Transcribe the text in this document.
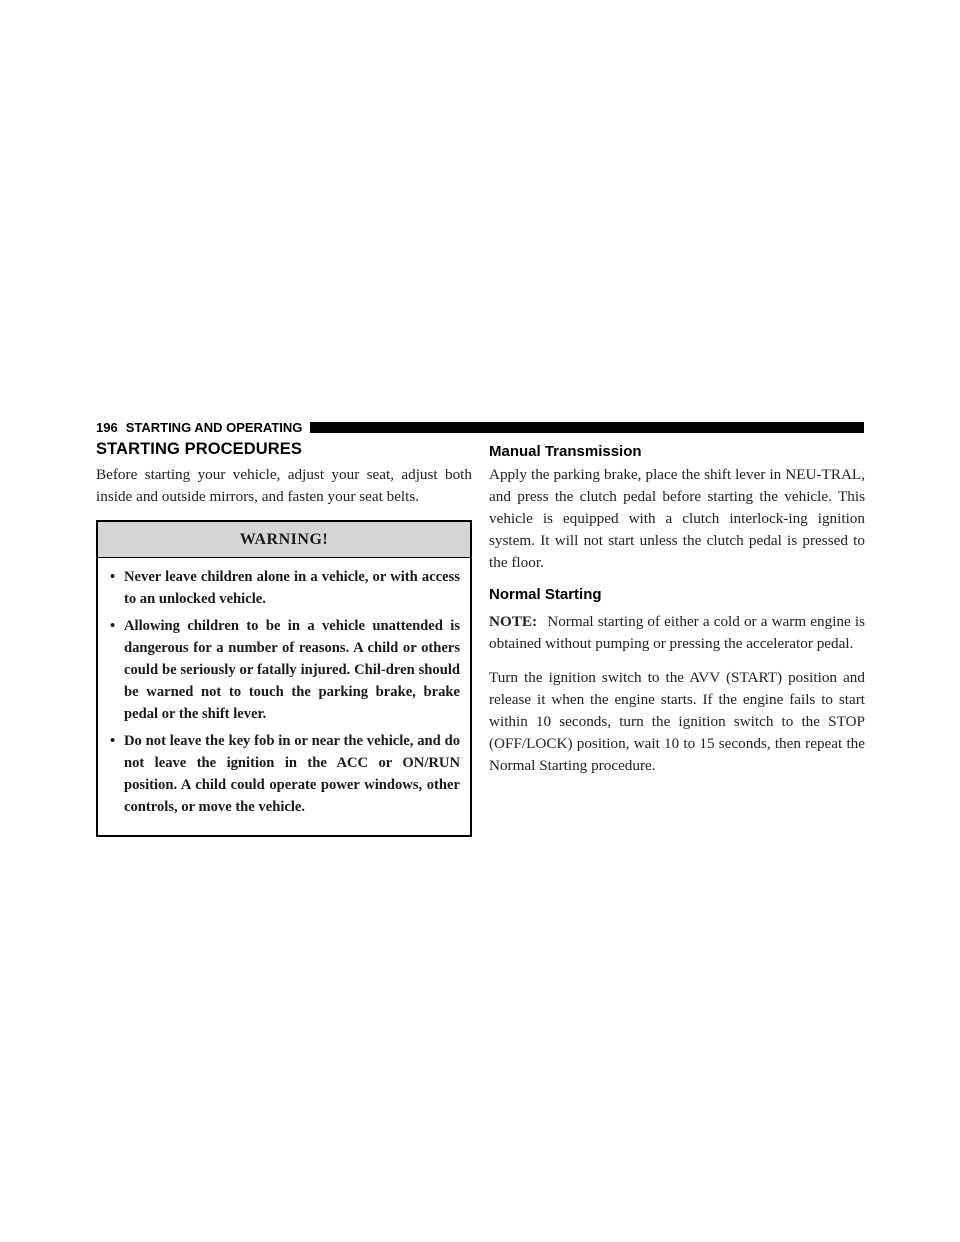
196 STARTING AND OPERATING
STARTING PROCEDURES

Before starting your vehicle, adjust your seat, adjust both inside and outside mirrors, and fasten your seat belts.

WARNING!
• Never leave children alone in a vehicle, or with access to an unlocked vehicle.
• Allowing children to be in a vehicle unattended is dangerous for a number of reasons. A child or others could be seriously or fatally injured. Chil-dren should be warned not to touch the parking brake, brake pedal or the shift lever.
• Do not leave the key fob in or near the vehicle, and do not leave the ignition in the ACC or ON/RUN position. A child could operate power windows, other controls, or move the vehicle.
Manual Transmission

Apply the parking brake, place the shift lever in NEU-TRAL, and press the clutch pedal before starting the vehicle. This vehicle is equipped with a clutch interlock-ing ignition system. It will not start unless the clutch pedal is pressed to the floor.

Normal Starting

NOTE: Normal starting of either a cold or a warm engine is obtained without pumping or pressing the accelerator pedal.

Turn the ignition switch to the AVV (START) position and release it when the engine starts. If the engine fails to start within 10 seconds, turn the ignition switch to the STOP (OFF/LOCK) position, wait 10 to 15 seconds, then repeat the Normal Starting procedure.
